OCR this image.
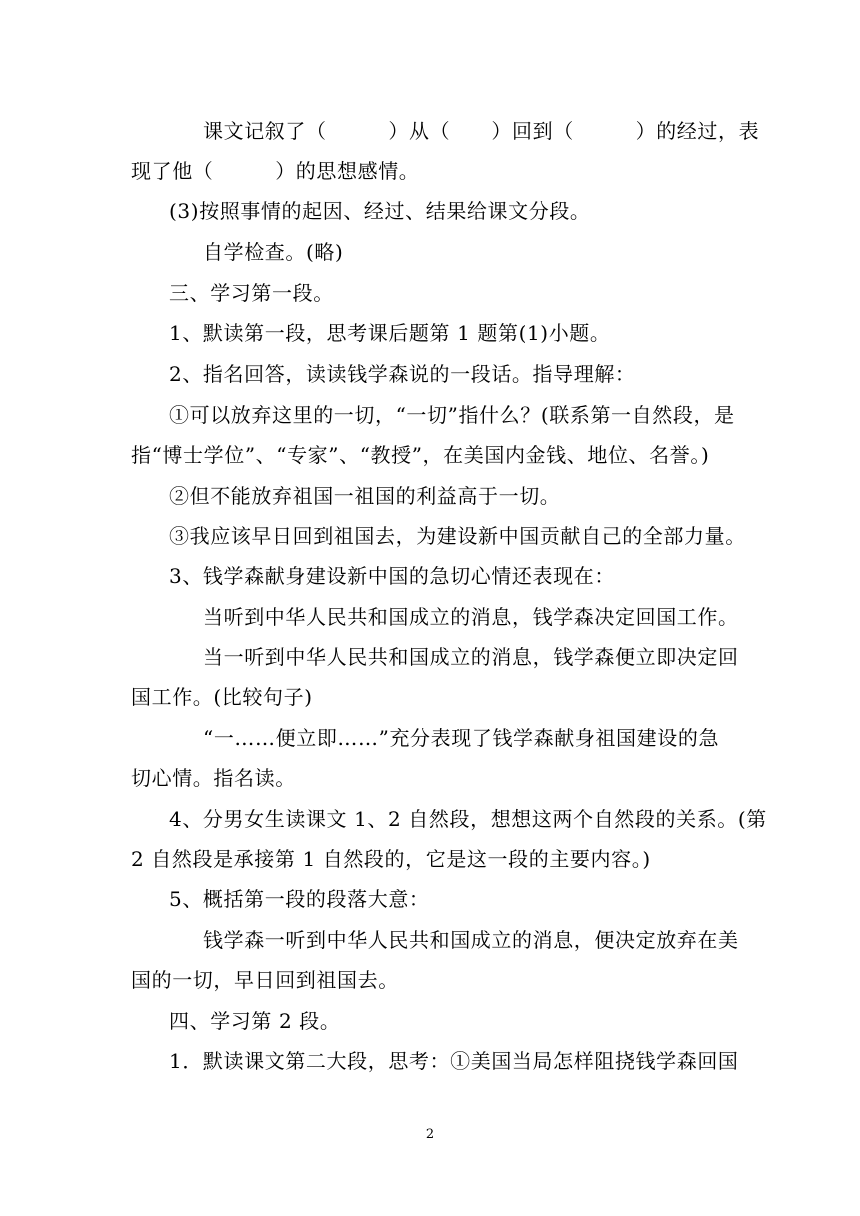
课文记叙了（　　　）从（　　）回到（　　　）的经过，表
现了他（　　　）的思想感情。
(3)按照事情的起因、经过、结果给课文分段。
自学检查。(略)
三、学习第一段。
1、默读第一段，思考课后题第 1 题第(1)小题。
2、指名回答，读读钱学森说的一段话。指导理解：
①可以放弃这里的一切，“一切”指什么？(联系第一自然段，是
指“博士学位”、“专家”、“教授”，在美国内金钱、地位、名誉。)
②但不能放弃祖国一祖国的利益高于一切。
③我应该早日回到祖国去，为建设新中国贡献自己的全部力量。
3、钱学森献身建设新中国的急切心情还表现在：
当听到中华人民共和国成立的消息，钱学森决定回国工作。
当一听到中华人民共和国成立的消息，钱学森便立即决定回
国工作。(比较句子)
“一……便立即……”充分表现了钱学森献身祖国建设的急
切心情。指名读。
4、分男女生读课文 1、2 自然段，想想这两个自然段的关系。(第
2 自然段是承接第 1 自然段的，它是这一段的主要内容。)
5、概括第一段的段落大意：
钱学森一听到中华人民共和国成立的消息，便决定放弃在美
国的一切，早日回到祖国去。
四、学习第 2 段。
1．默读课文第二大段，思考：①美国当局怎样阻挠钱学森回国
2
